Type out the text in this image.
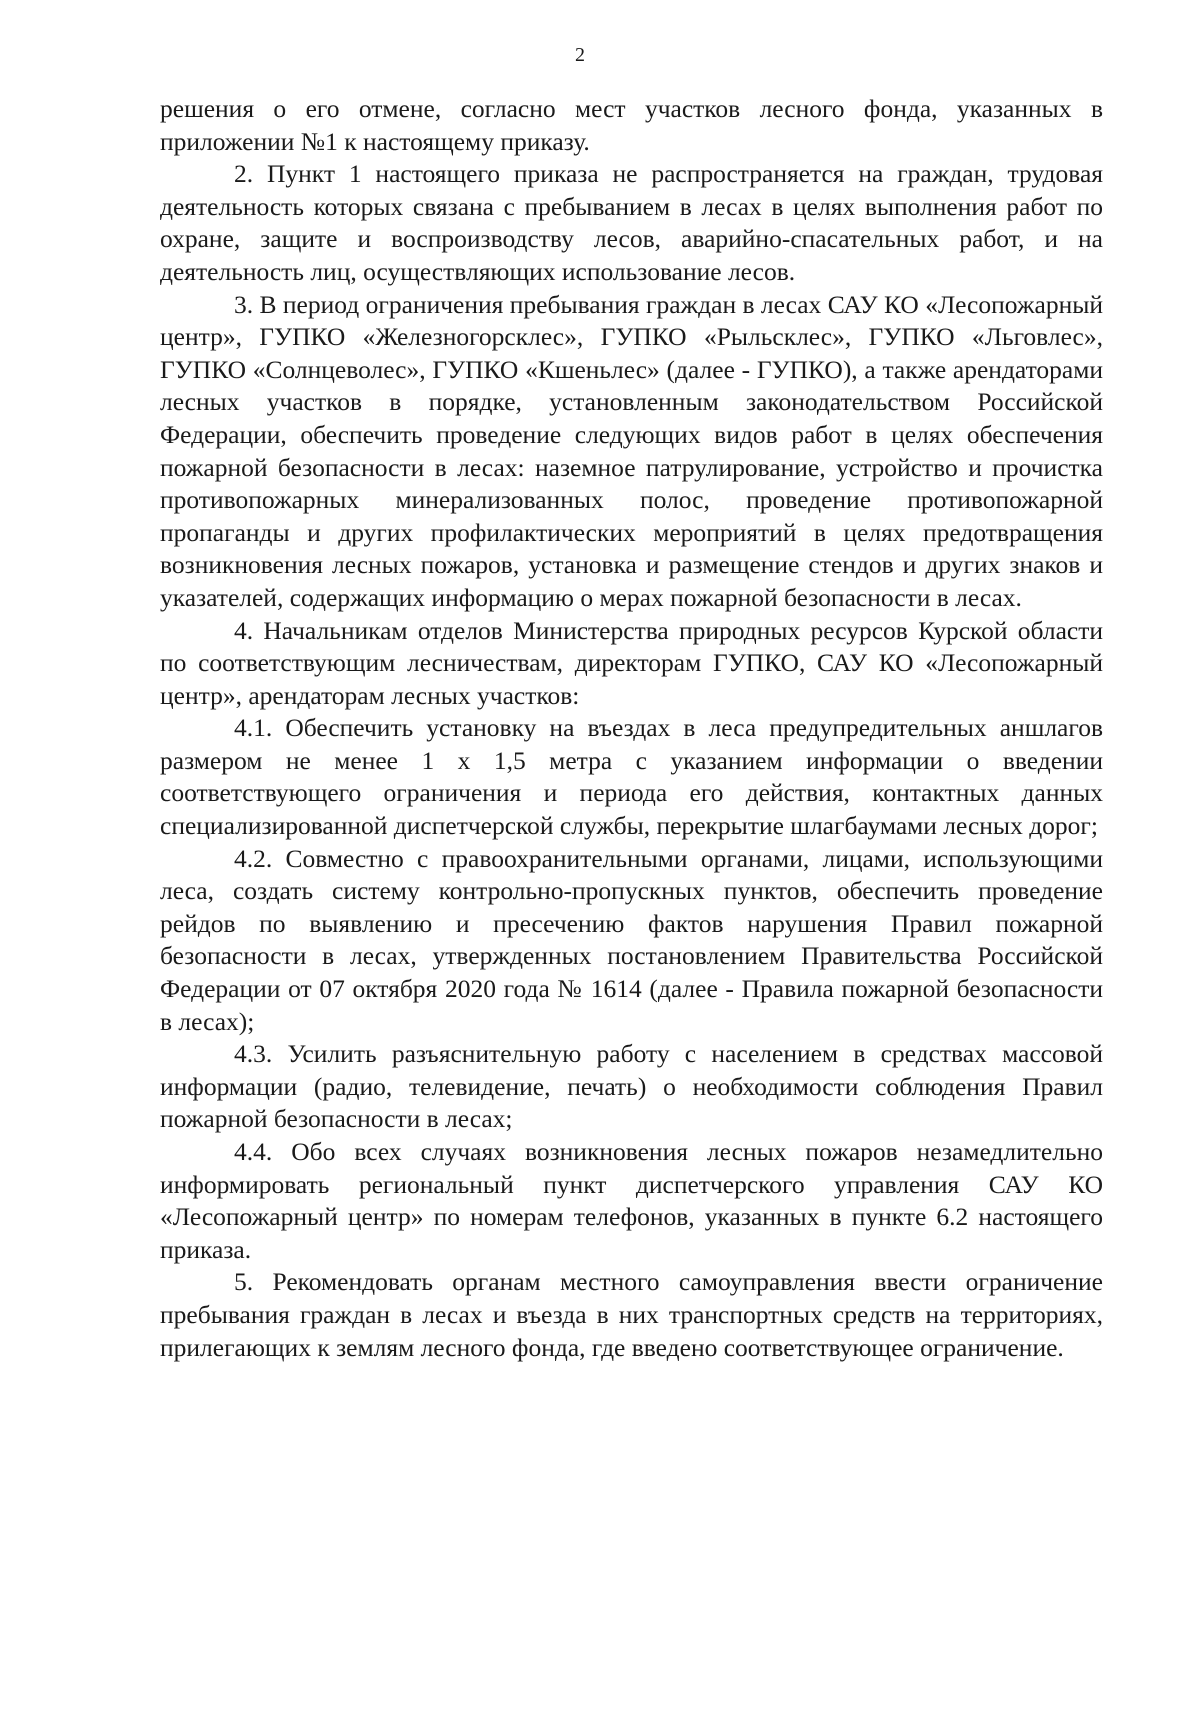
2

решения о его отмене, согласно мест участков лесного фонда, указанных в приложении №1 к настоящему приказу.

2. Пункт 1 настоящего приказа не распространяется на граждан, трудовая деятельность которых связана с пребыванием в лесах в целях выполнения работ по охране, защите и воспроизводству лесов, аварийно-спасательных работ, и на деятельность лиц, осуществляющих использование лесов.

3. В период ограничения пребывания граждан в лесах САУ КО «Лесопожарный центр», ГУПКО «Железногорсклес», ГУПКО «Рыльсклес», ГУПКО «Льговлес», ГУПКО «Солнцеволес», ГУПКО «Кшеньлес» (далее - ГУПКО), а также арендаторами лесных участков в порядке, установленным законодательством Российской Федерации, обеспечить проведение следующих видов работ в целях обеспечения пожарной безопасности в лесах: наземное патрулирование, устройство и прочистка противопожарных минерализованных полос, проведение противопожарной пропаганды и других профилактических мероприятий в целях предотвращения возникновения лесных пожаров, установка и размещение стендов и других знаков и указателей, содержащих информацию о мерах пожарной безопасности в лесах.

4. Начальникам отделов Министерства природных ресурсов Курской области по соответствующим лесничествам, директорам ГУПКО, САУ КО «Лесопожарный центр», арендаторам лесных участков:

4.1. Обеспечить установку на въездах в леса предупредительных аншлагов размером не менее 1 х 1,5 метра с указанием информации о введении соответствующего ограничения и периода его действия, контактных данных специализированной диспетчерской службы, перекрытие шлагбаумами лесных дорог;

4.2. Совместно с правоохранительными органами, лицами, использующими леса, создать систему контрольно-пропускных пунктов, обеспечить проведение рейдов по выявлению и пресечению фактов нарушения Правил пожарной безопасности в лесах, утвержденных постановлением Правительства Российской Федерации от 07 октября 2020 года № 1614 (далее - Правила пожарной безопасности в лесах);

4.3. Усилить разъяснительную работу с населением в средствах массовой информации (радио, телевидение, печать) о необходимости соблюдения Правил пожарной безопасности в лесах;

4.4. Обо всех случаях возникновения лесных пожаров незамедлительно информировать региональный пункт диспетчерского управления САУ КО «Лесопожарный центр» по номерам телефонов, указанных в пункте 6.2 настоящего приказа.

5. Рекомендовать органам местного самоуправления ввести ограничение пребывания граждан в лесах и въезда в них транспортных средств на территориях, прилегающих к землям лесного фонда, где введено соответствующее ограничение.
